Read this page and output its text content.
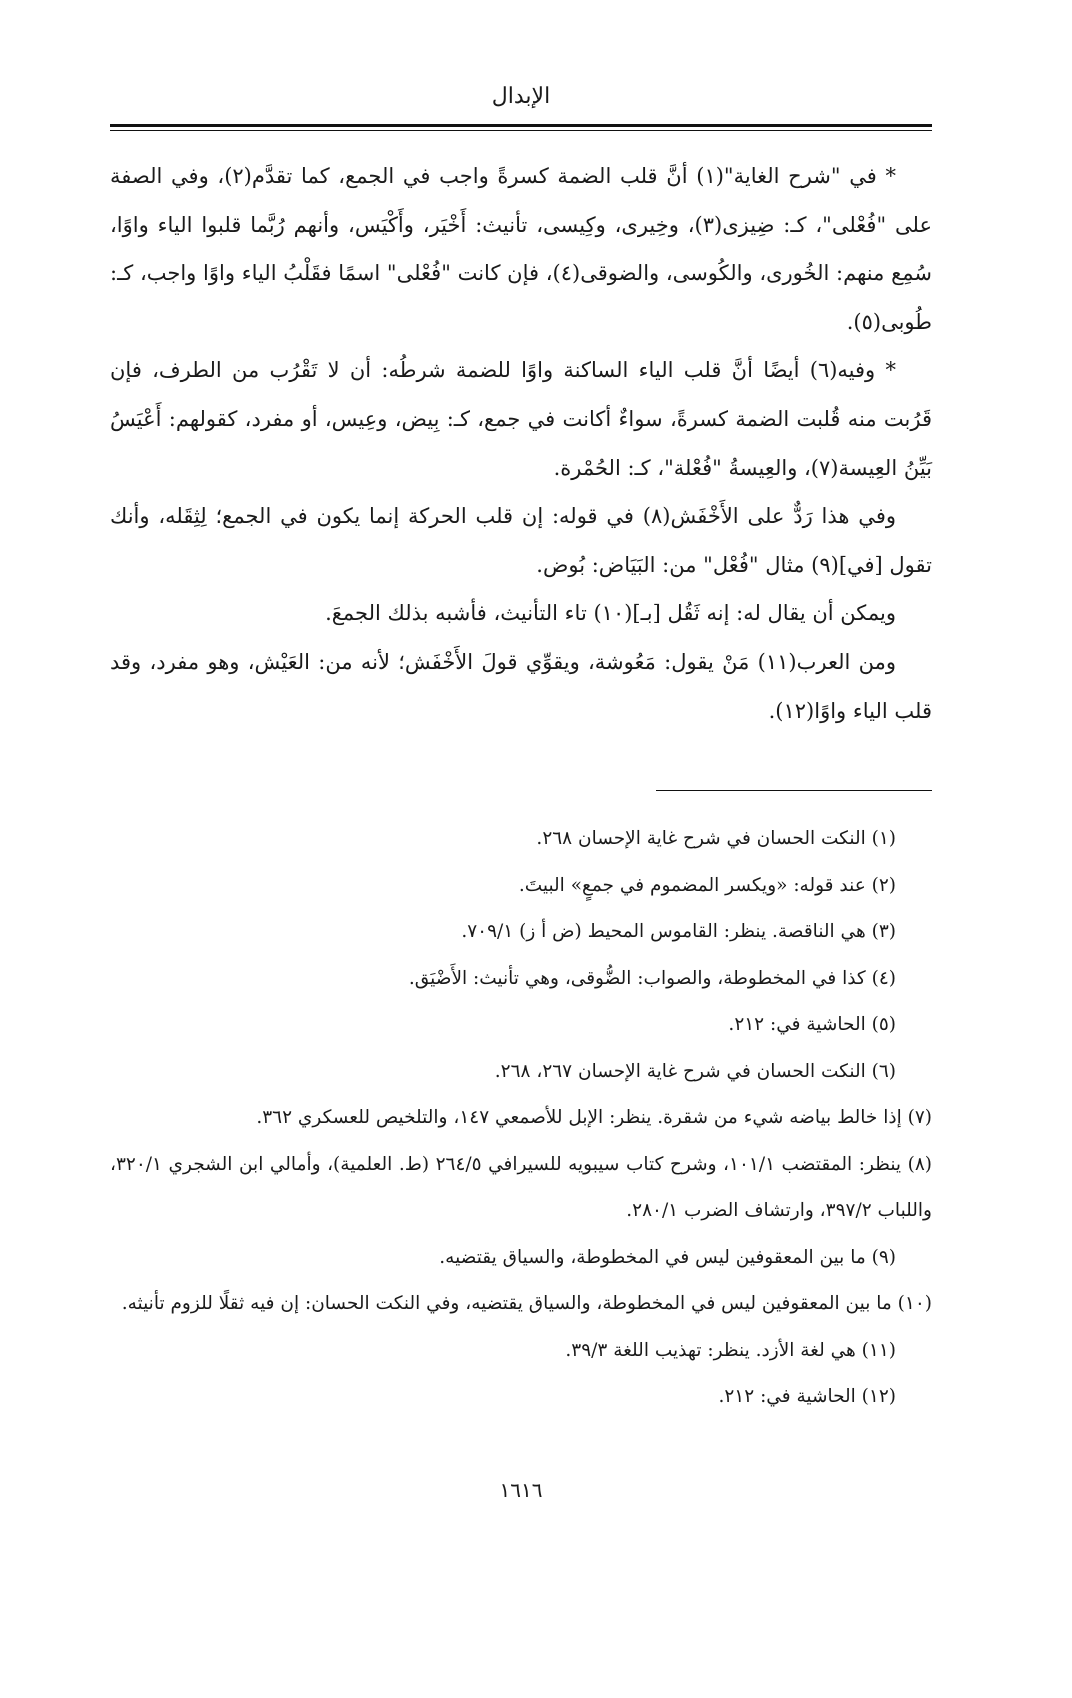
الإبدال

* في "شرح الغاية"(١) أنَّ قلب الضمة كسرةً واجب في الجمع، كما تقدَّم(٢)، وفي الصفة على "فُعْلى"، كـ: ضِيزى(٣)، وخِيرى، وكِيسى، تأنيث: أَخْيَر، وأَكْيَس، وأنهم رُبَّما قلبوا الياء واوًا، سُمِع منهم: الخُورى، والكُوسى، والضوقى(٤)، فإن كانت "فُعْلى" اسمًا فقَلْبُ الياء واوًا واجب، كـ: طُوبى(٥).

* وفيه(٦) أيضًا أنَّ قلب الياء الساكنة واوًا للضمة شرطُه: أن لا تَقْرُب من الطرف، فإن قَرُبت منه قُلبت الضمة كسرةً، سواءٌ أكانت في جمع، كـ: بِيض، وعِيس، أو مفرد، كقولهم: أَعْيَسُ بَيِّنُ العِيسة(٧)، والعِيسةُ "فُعْلة"، كـ: الحُمْرة.

وفي هذا رَدٌّ على الأَخْفَش(٨) في قوله: إن قلب الحركة إنما يكون في الجمع؛ لِثِقَله، وأنك تقول [في](٩) مثال "فُعْل" من: البَيَاض: بُوض.

ويمكن أن يقال له: إنه ثَقُل [بـ](١٠) تاء التأنيث، فأشبه بذلك الجمعَ.

ومن العرب(١١) مَنْ يقول: مَعُوشة، ويقوِّي قولَ الأَخْفَش؛ لأنه من: العَيْش، وهو مفرد، وقد قلب الياء واوًا(١٢).

(١) النكت الحسان في شرح غاية الإحسان ٢٦٨.

(٢) عند قوله: «ويكسر المضموم في جمعٍ» البيتَ.

(٣) هي الناقصة. ينظر: القاموس المحيط (ض أ ز) ٧٠٩/١.

(٤) كذا في المخطوطة، والصواب: الضُّوقى، وهي تأنيث: الأَضْيَق.

(٥) الحاشية في: ٢١٢.

(٦) النكت الحسان في شرح غاية الإحسان ٢٦٧، ٢٦٨.

(٧) إذا خالط بياضه شيء من شقرة. ينظر: الإبل للأصمعي ١٤٧، والتلخيص للعسكري ٣٦٢.

(٨) ينظر: المقتضب ١٠١/١، وشرح كتاب سيبويه للسيرافي ٢٦٤/٥ (ط. العلمية)، وأمالي ابن الشجري ٣٢٠/١، واللباب ٣٩٧/٢، وارتشاف الضرب ٢٨٠/١.

(٩) ما بين المعقوفين ليس في المخطوطة، والسياق يقتضيه.

(١٠) ما بين المعقوفين ليس في المخطوطة، والسياق يقتضيه، وفي النكت الحسان: إن فيه ثقلًا للزوم تأنيثه.

(١١) هي لغة الأزد. ينظر: تهذيب اللغة ٣٩/٣.

(١٢) الحاشية في: ٢١٢.

١٦١٦
